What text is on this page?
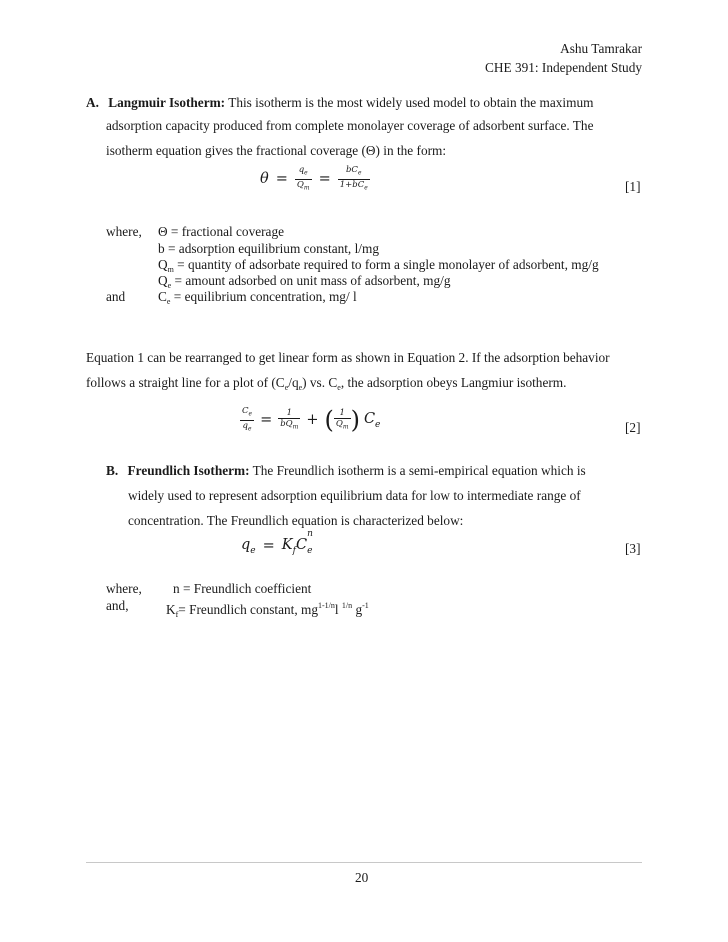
Ashu Tamrakar
CHE 391: Independent Study
A. Langmuir Isotherm: This isotherm is the most widely used model to obtain the maximum
adsorption capacity produced from complete monolayer coverage of adsorbent surface. The
isotherm equation gives the fractional coverage (Θ) in the form:
$\theta = \frac{q_e}{Q_m} = \frac{bC_e}{1+bC_e}$	[1]
where, Θ = fractional coverage
b = adsorption equilibrium constant, l/mg
$Q_m$ = quantity of adsorbate required to form a single monolayer of adsorbent, mg/g
$Q_e$ = amount adsorbed on unit mass of adsorbent, mg/g
and $C_e$ = equilibrium concentration, mg/ l
Equation 1 can be rearranged to get linear form as shown in Equation 2. If the adsorption behavior
follows a straight line for a plot of $(C_e/q_e)$ vs. $C_e$, the adsorption obeys Langmiur isotherm.
$\frac{C_e}{q_e} = \frac{1}{bQ_m}$ + ( $\frac{1}{Q_m}$ ) $C_e$	[2]
B. Freundlich Isotherm: The Freundlich isotherm is a semi-empirical equation which is
widely used to represent adsorption equilibrium data for low to intermediate range of
concentration. The Freundlich equation is characterized below:
$q_e = K_fC$
n
$_e$	[3]
where, n = Freundlich coefficient
and,	$K_f=$ Freundlich constant, $mg^{1-1/n}l$ $^{1/n}$ $g^{-1}$
20
